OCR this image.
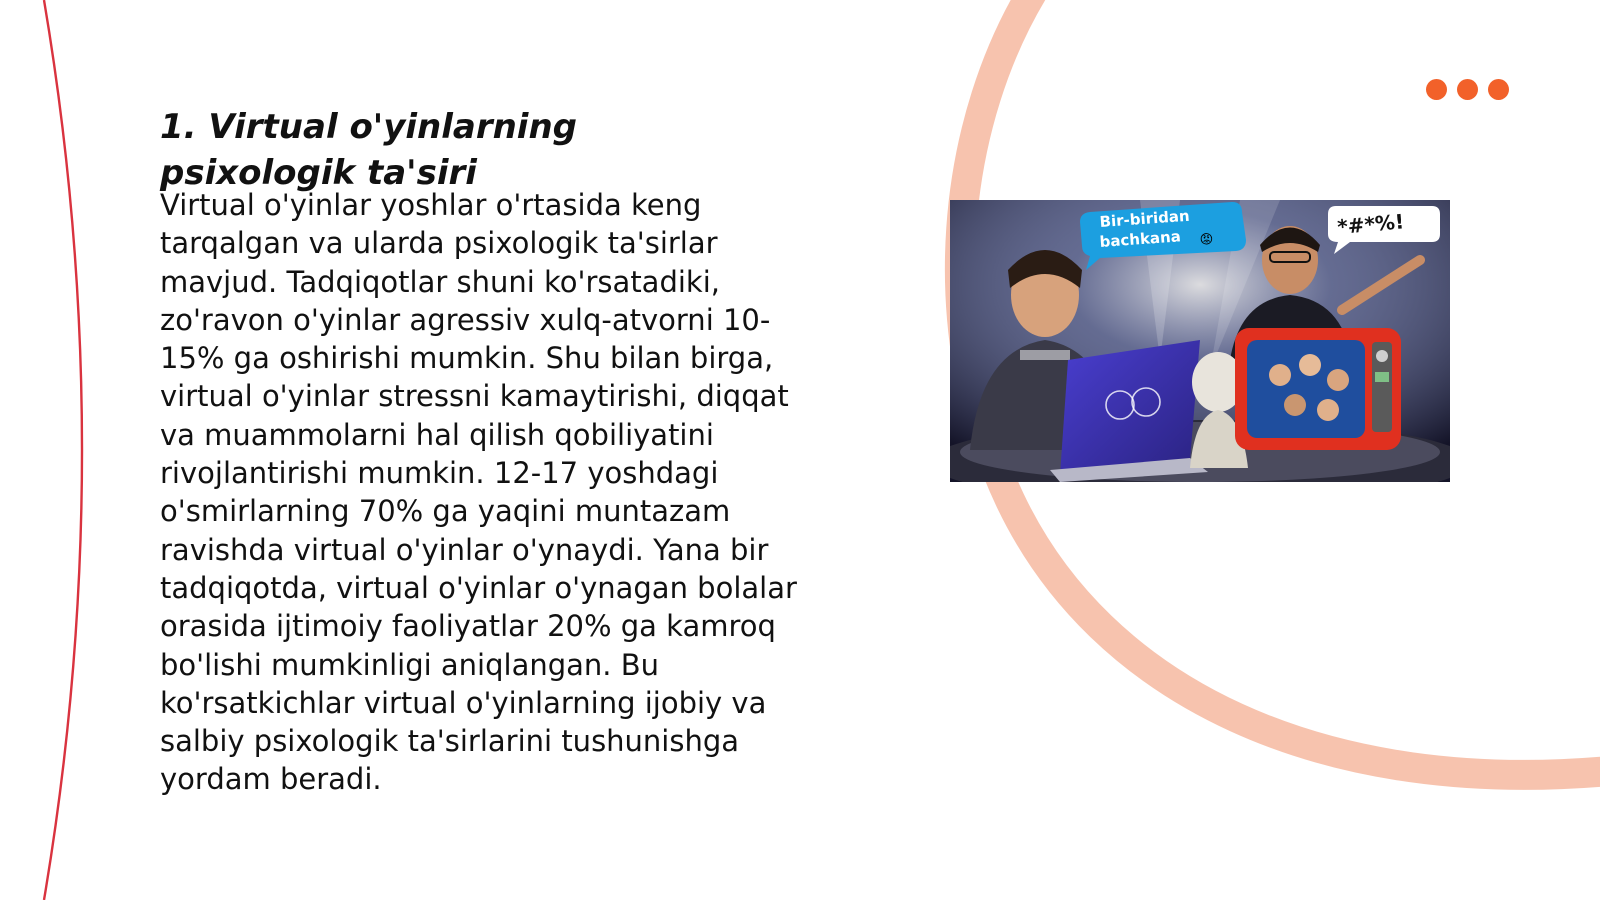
1. Virtual o'yinlarning psixologik ta'siri

Virtual o'yinlar yoshlar o'rtasida keng tarqalgan va ularda psixologik ta'sirlar mavjud. Tadqiqotlar shuni ko'rsatadiki, zo'ravon o'yinlar agressiv xulq-atvorni 10-15% ga oshirishi mumkin. Shu bilan birga, virtual o'yinlar stressni kamaytirishi, diqqat va muammolarni hal qilish qobiliyatini rivojlantirishi mumkin. 12-17 yoshdagi o'smirlarning 70% ga yaqini muntazam ravishda virtual o'yinlar o'ynaydi. Yana bir tadqiqotda, virtual o'yinlar o'ynagan bolalar orasida ijtimoiy faoliyatlar 20% ga kamroq bo'lishi mumkinligi aniqlangan. Bu ko'rsatkichlar virtual o'yinlarning ijobiy va salbiy psixologik ta'sirlarini tushunishga yordam beradi.

Bir-biridan
bachkana 😡
*#*%!
